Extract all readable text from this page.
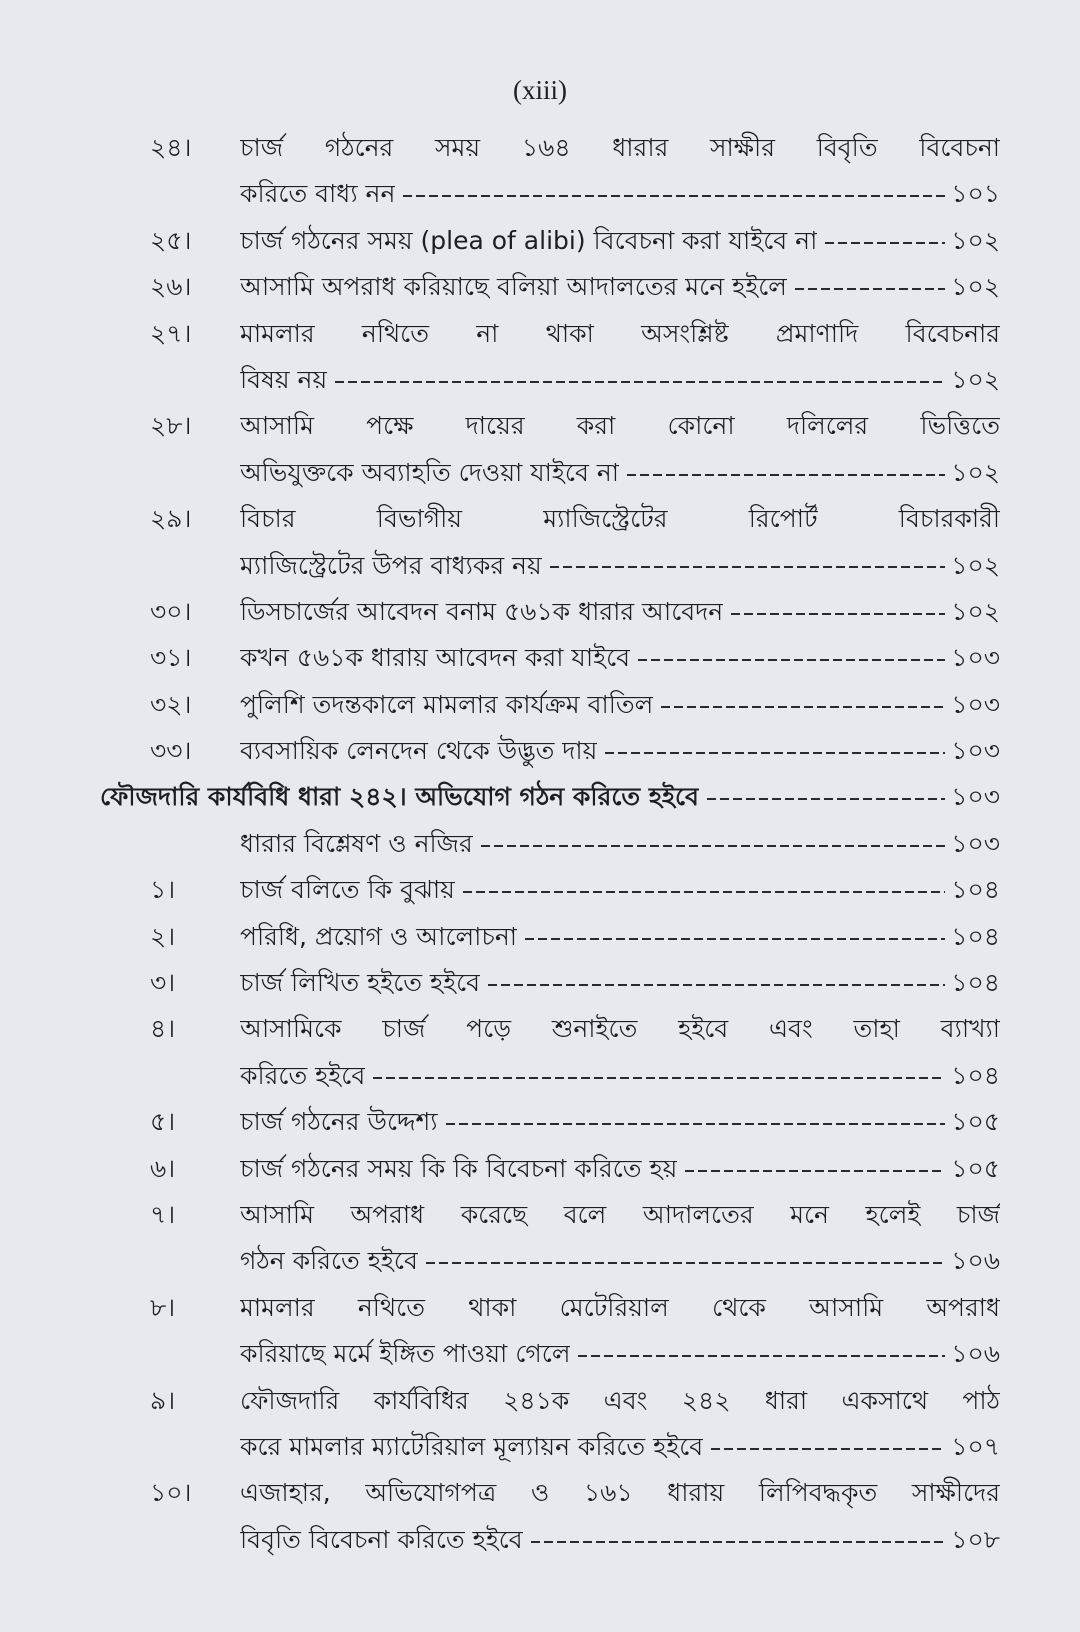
(xiii)
২৪।	চার্জ গঠনের সময় ১৬৪ ধারার সাক্ষীর বিবৃতি বিবেচনা
করিতে বাধ্য নন	১০১
২৫।	চার্জ গঠনের সময় (plea of alibi) বিবেচনা করা যাইবে না	১০২
২৬।	আসামি অপরাধ করিয়াছে বলিয়া আদালতের মনে হইলে	১০২
২৭।	মামলার নথিতে না থাকা অসংশ্লিষ্ট প্রমাণাদি বিবেচনার
বিষয় নয়	১০২
২৮।	আসামি পক্ষে দায়ের করা কোনো দলিলের ভিত্তিতে
অভিযুক্তকে অব্যাহতি দেওয়া যাইবে না	১০২
২৯।	বিচার বিভাগীয় ম্যাজিস্ট্রেটের রিপোর্ট বিচারকারী
ম্যাজিস্ট্রেটের উপর বাধ্যকর নয়	১০২
৩০।	ডিসচার্জের আবেদন বনাম ৫৬১ক ধারার আবেদন	১০২
৩১।	কখন ৫৬১ক ধারায় আবেদন করা যাইবে	১০৩
৩২।	পুলিশি তদন্তকালে মামলার কার্যক্রম বাতিল	১০৩
৩৩।	ব্যবসায়িক লেনদেন থেকে উদ্ভুত দায়	১০৩
ফৌজদারি কার্যবিধি ধারা ২৪২। অভিযোগ গঠন করিতে হইবে	১০৩
ধারার বিশ্লেষণ ও নজির	১০৩
১।	চার্জ বলিতে কি বুঝায়	১০৪
২।	পরিধি, প্রয়োগ ও আলোচনা	১০৪
৩।	চার্জ লিখিত হইতে হইবে	১০৪
৪।	আসামিকে চার্জ পড়ে শুনাইতে হইবে এবং তাহা ব্যাখ্যা
করিতে হইবে	১০৪
৫।	চার্জ গঠনের উদ্দেশ্য	১০৫
৬।	চার্জ গঠনের সময় কি কি বিবেচনা করিতে হয়	১০৫
৭।	আসামি অপরাধ করেছে বলে আদালতের মনে হলেই চার্জ
গঠন করিতে হইবে	১০৬
৮।	মামলার নথিতে থাকা মেটেরিয়াল থেকে আসামি অপরাধ
করিয়াছে মর্মে ইঙ্গিত পাওয়া গেলে	১০৬
৯।	ফৌজদারি কার্যবিধির ২৪১ক এবং ২৪২ ধারা একসাথে পাঠ
করে মামলার ম্যাটেরিয়াল মূল্যায়ন করিতে হইবে	১০৭
১০।	এজাহার, অভিযোগপত্র ও ১৬১ ধারায় লিপিবদ্ধকৃত সাক্ষীদের
বিবৃতি বিবেচনা করিতে হইবে	১০৮
